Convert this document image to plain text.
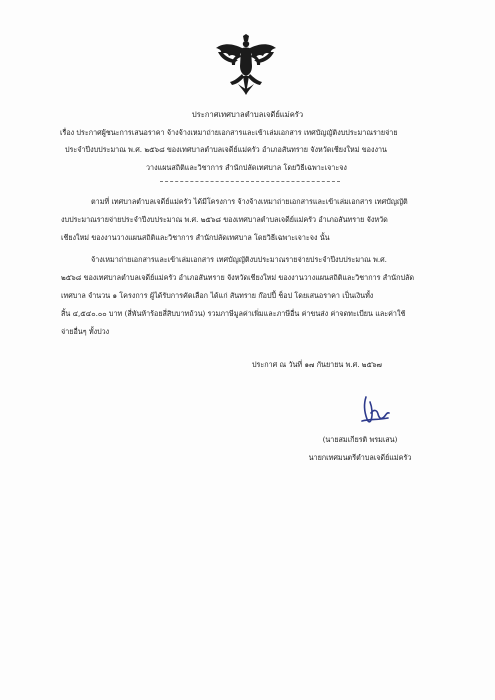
ประกาศเทศบาลตำบลเจดีย์แม่ครัว
เรื่อง ประกาศผู้ชนะการเสนอราคา จ้างจ้างเหมาถ่ายเอกสารและเข้าเล่มเอกสาร เทศบัญญัติงบประมาณรายจ่าย
ประจำปีงบประมาณ พ.ศ. ๒๕๖๘ ของเทศบาลตำบลเจดีย์แม่ครัว อำเภอสันทราย จังหวัดเชียงใหม่ ของงาน
วางแผนสถิติและวิชาการ สำนักปลัดเทศบาล โดยวิธีเฉพาะเจาะจง
ตามที่ เทศบาลตำบลเจดีย์แม่ครัว ได้มีโครงการ จ้างจ้างเหมาถ่ายเอกสารและเข้าเล่มเอกสาร เทศบัญญัติ
งบประมาณรายจ่ายประจำปีงบประมาณ พ.ศ. ๒๕๖๘ ของเทศบาลตำบลเจดีย์แม่ครัว อำเภอสันทราย จังหวัด
เชียงใหม่ ของงานวางแผนสถิติและวิชาการ สำนักปลัดเทศบาล โดยวิธีเฉพาะเจาะจง นั้น
จ้างเหมาถ่ายเอกสารและเข้าเล่มเอกสาร เทศบัญญัติงบประมาณรายจ่ายประจำปีงบประมาณ พ.ศ.
๒๕๖๘ ของเทศบาลตำบลเจดีย์แม่ครัว อำเภอสันทราย จังหวัดเชียงใหม่ ของงานวางแผนสถิติและวิชาการ สำนักปลัด
เทศบาล จำนวน ๑ โครงการ ผู้ได้รับการคัดเลือก ได้แก่ สันทราย ก๊อปปี้ ช็อป โดยเสนอราคา เป็นเงินทั้ง
สิ้น ๔,๕๔๐.๐๐ บาท (สี่พันห้าร้อยสี่สิบบาทถ้วน) รวมภาษีมูลค่าเพิ่มและภาษีอื่น ค่าขนส่ง ค่าจดทะเบียน และค่าใช้
จ่ายอื่นๆ ทั้งปวง
ประกาศ ณ วันที่ ๑๗ กันยายน พ.ศ. ๒๕๖๗
(นายสมเกียรติ พรมเสน)
นายกเทศมนตรีตำบลเจดีย์แม่ครัว
